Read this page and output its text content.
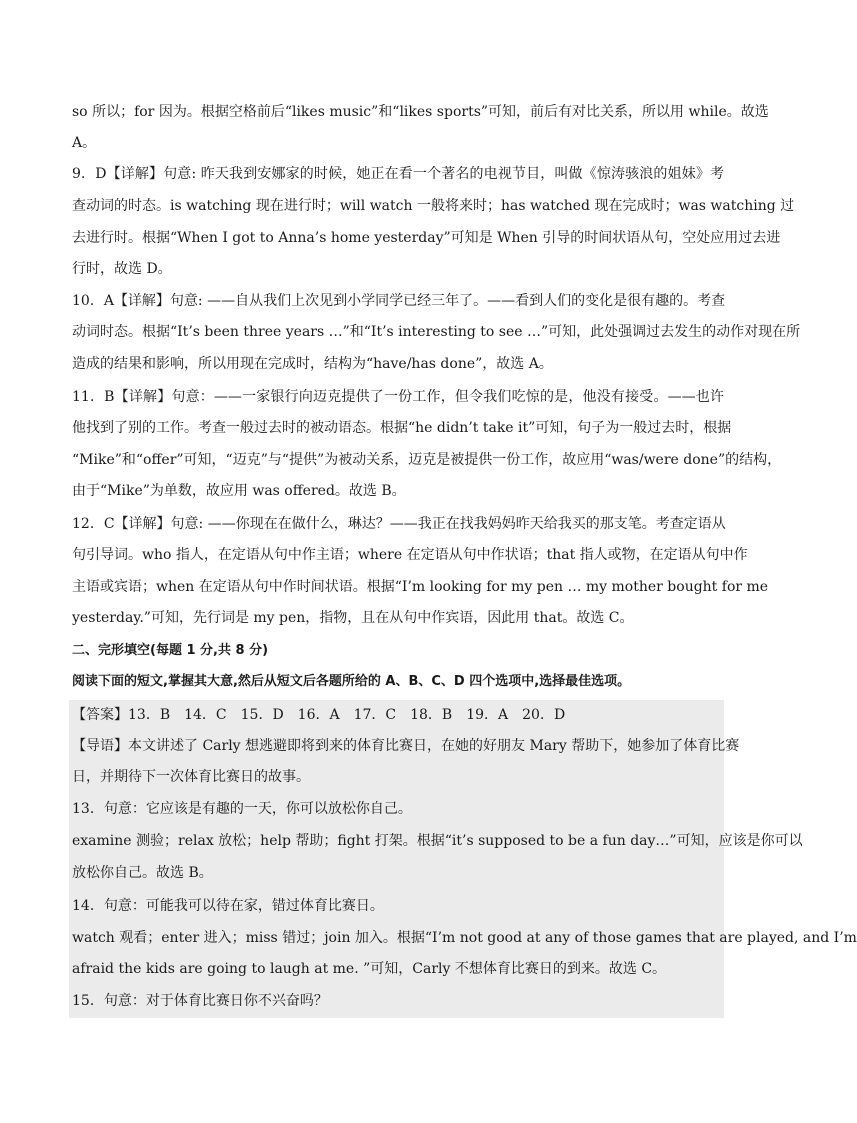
so 所以；for 因为。根据空格前后“likes music”和“likes sports”可知，前后有对比关系，所以用 while。故选
A。
9．D【详解】句意: 昨天我到安娜家的时候，她正在看一个著名的电视节目，叫做《惊涛骇浪的姐妹》考
查动词的时态。is watching 现在进行时；will watch 一般将来时；has watched 现在完成时；was watching 过
去进行时。根据“When I got to Anna’s home yesterday”可知是 When 引导的时间状语从句，空处应用过去进
行时，故选 D。
10．A【详解】句意: ——自从我们上次见到小学同学已经三年了。——看到人们的变化是很有趣的。考查
动词时态。根据“It’s been three years …”和“It’s interesting to see …”可知，此处强调过去发生的动作对现在所
造成的结果和影响，所以用现在完成时，结构为“have/has done”，故选 A。
11．B【详解】句意：——一家银行向迈克提供了一份工作，但令我们吃惊的是，他没有接受。——也许
他找到了别的工作。考查一般过去时的被动语态。根据“he didn’t take it”可知，句子为一般过去时，根据
“Mike”和“offer”可知，“迈克”与“提供”为被动关系，迈克是被提供一份工作，故应用“was/were done”的结构，
由于“Mike”为单数，故应用 was offered。故选 B。
12．C【详解】句意: ——你现在在做什么，琳达？——我正在找我妈妈昨天给我买的那支笔。考查定语从
句引导词。who 指人，在定语从句中作主语；where 在定语从句中作状语；that 指人或物，在定语从句中作
主语或宾语；when 在定语从句中作时间状语。根据“I’m looking for my pen … my mother bought for me
yesterday.”可知，先行词是 my pen，指物，且在从句中作宾语，因此用 that。故选 C。
二、完形填空(每题 1 分,共 8 分)
阅读下面的短文,掌握其大意,然后从短文后各题所给的 A、B、C、D 四个选项中,选择最佳选项。
【答案】13．B　14．C　15．D　16．A　17．C　18．B　19．A　20．D
【导语】本文讲述了 Carly 想逃避即将到来的体育比赛日，在她的好朋友 Mary 帮助下，她参加了体育比赛
日，并期待下一次体育比赛日的故事。
13．句意：它应该是有趣的一天，你可以放松你自己。
examine 测验；relax 放松；help 帮助；fight 打架。根据“it’s supposed to be a fun day…”可知，应该是你可以
放松你自己。故选 B。
14．句意：可能我可以待在家，错过体育比赛日。
watch 观看；enter 进入；miss 错过；join 加入。根据“I’m not good at any of those games that are played, and I’m
afraid the kids are going to laugh at me. ”可知，Carly 不想体育比赛日的到来。故选 C。
15．句意：对于体育比赛日你不兴奋吗？
